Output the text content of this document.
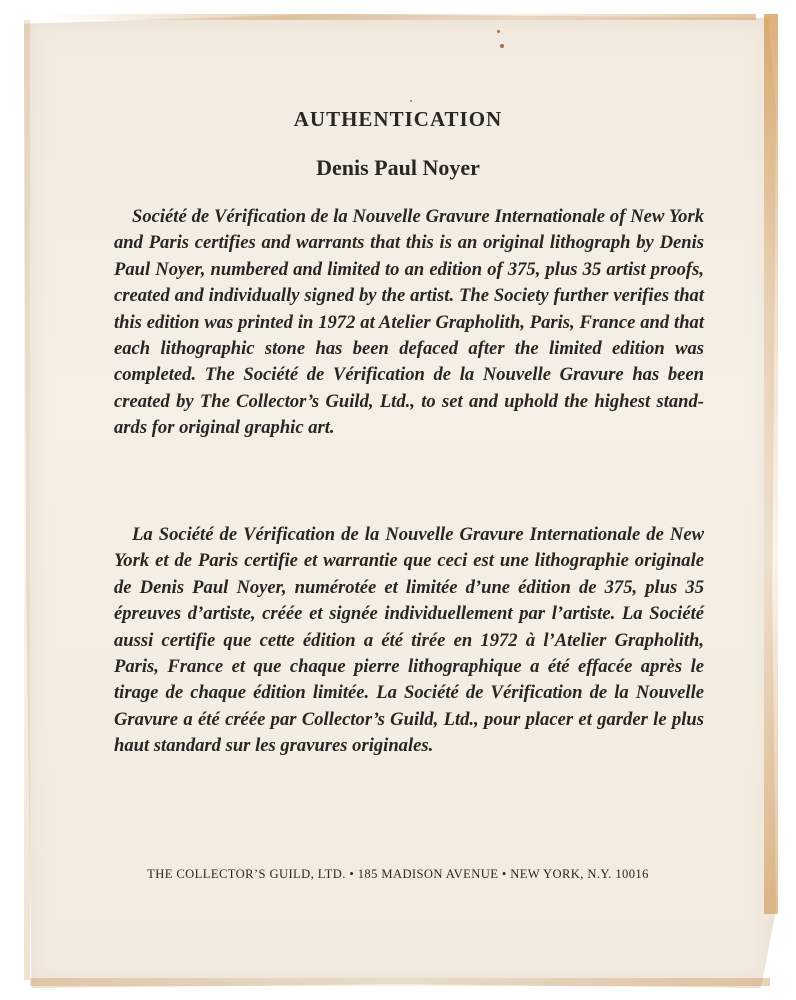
AUTHENTICATION
Denis Paul Noyer

Société de Vérification de la Nouvelle Gravure Internationale of New York and Paris certifies and warrants that this is an original lithograph by Denis Paul Noyer, numbered and limited to an edition of 375, plus 35 artist proofs, created and individually signed by the artist. The Society further verifies that this edition was printed in 1972 at Atelier Grapholith, Paris, France and that each lithographic stone has been defaced after the limited edition was completed. The Société de Vérification de la Nouvelle Gravure has been created by The Collector’s Guild, Ltd., to set and uphold the highest standards for original graphic art.

La Société de Vérification de la Nouvelle Gravure Internationale de New York et de Paris certifie et warrantie que ceci est une lithographie originale de Denis Paul Noyer, numérotée et limitée d’une édition de 375, plus 35 épreuves d’artiste, créée et signée individuellement par l’artiste. La Société aussi certifie que cette édition a été tirée en 1972 à l’Atelier Grapholith, Paris, France et que chaque pierre lithographique a été effacée après le tirage de chaque édition limitée. La Société de Vérification de la Nouvelle Gravure a été créée par Collector’s Guild, Ltd., pour placer et garder le plus haut standard sur les gravures originales.

THE COLLECTOR’S GUILD, LTD. • 185 MADISON AVENUE • NEW YORK, N.Y. 10016
